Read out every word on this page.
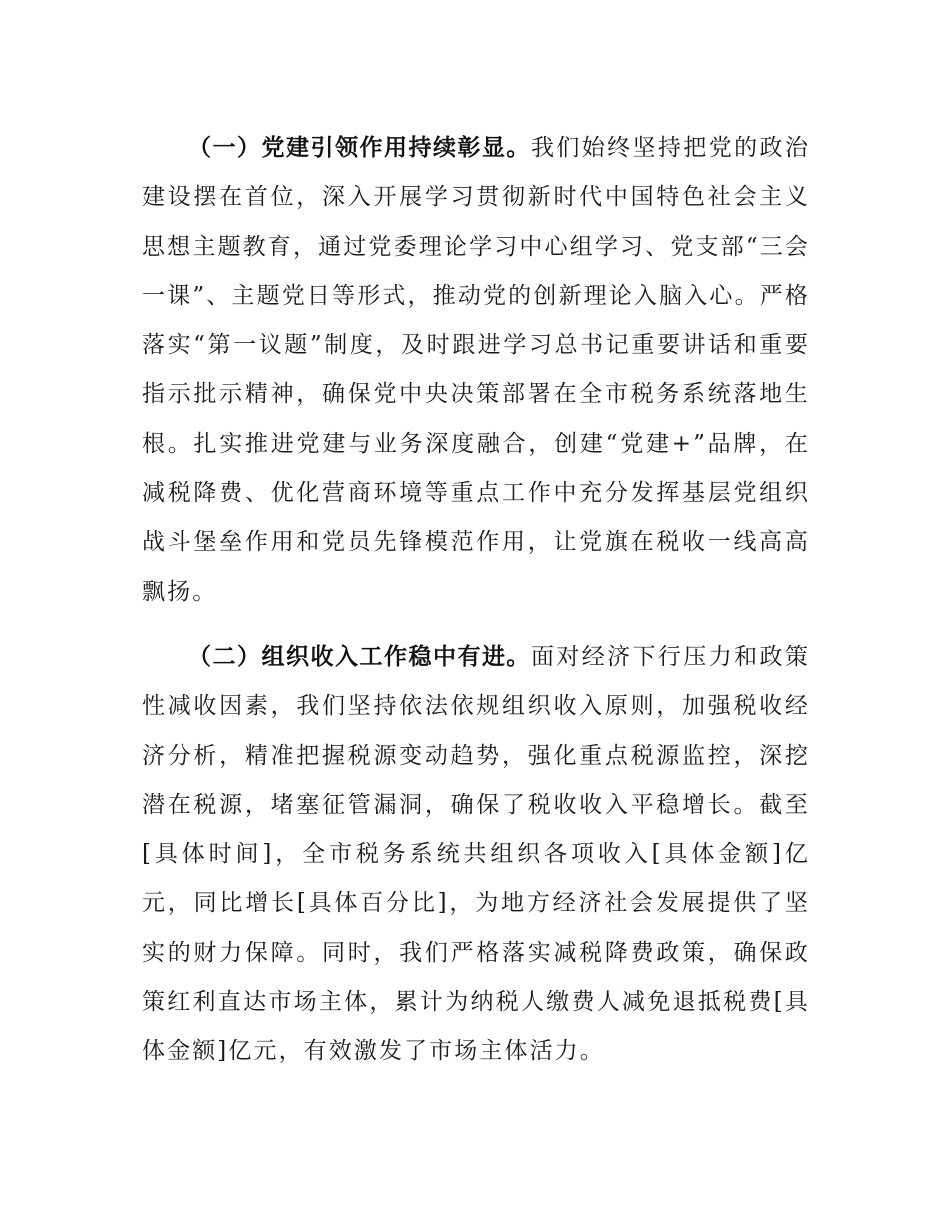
（一）党建引领作用持续彰显。我们始终坚持把党的政治建设摆在首位，深入开展学习贯彻新时代中国特色社会主义思想主题教育，通过党委理论学习中心组学习、党支部“三会一课”、主题党日等形式，推动党的创新理论入脑入心。严格落实“第一议题”制度，及时跟进学习总书记重要讲话和重要指示批示精神，确保党中央决策部署在全市税务系统落地生根。扎实推进党建与业务深度融合，创建“党建+”品牌，在减税降费、优化营商环境等重点工作中充分发挥基层党组织战斗堡垒作用和党员先锋模范作用，让党旗在税收一线高高飘扬。

（二）组织收入工作稳中有进。面对经济下行压力和政策性减收因素，我们坚持依法依规组织收入原则，加强税收经济分析，精准把握税源变动趋势，强化重点税源监控，深挖潜在税源，堵塞征管漏洞，确保了税收收入平稳增长。截至[具体时间]，全市税务系统共组织各项收入[具体金额]亿元，同比增长[具体百分比]，为地方经济社会发展提供了坚实的财力保障。同时，我们严格落实减税降费政策，确保政策红利直达市场主体，累计为纳税人缴费人减免退抵税费[具体金额]亿元，有效激发了市场主体活力。
